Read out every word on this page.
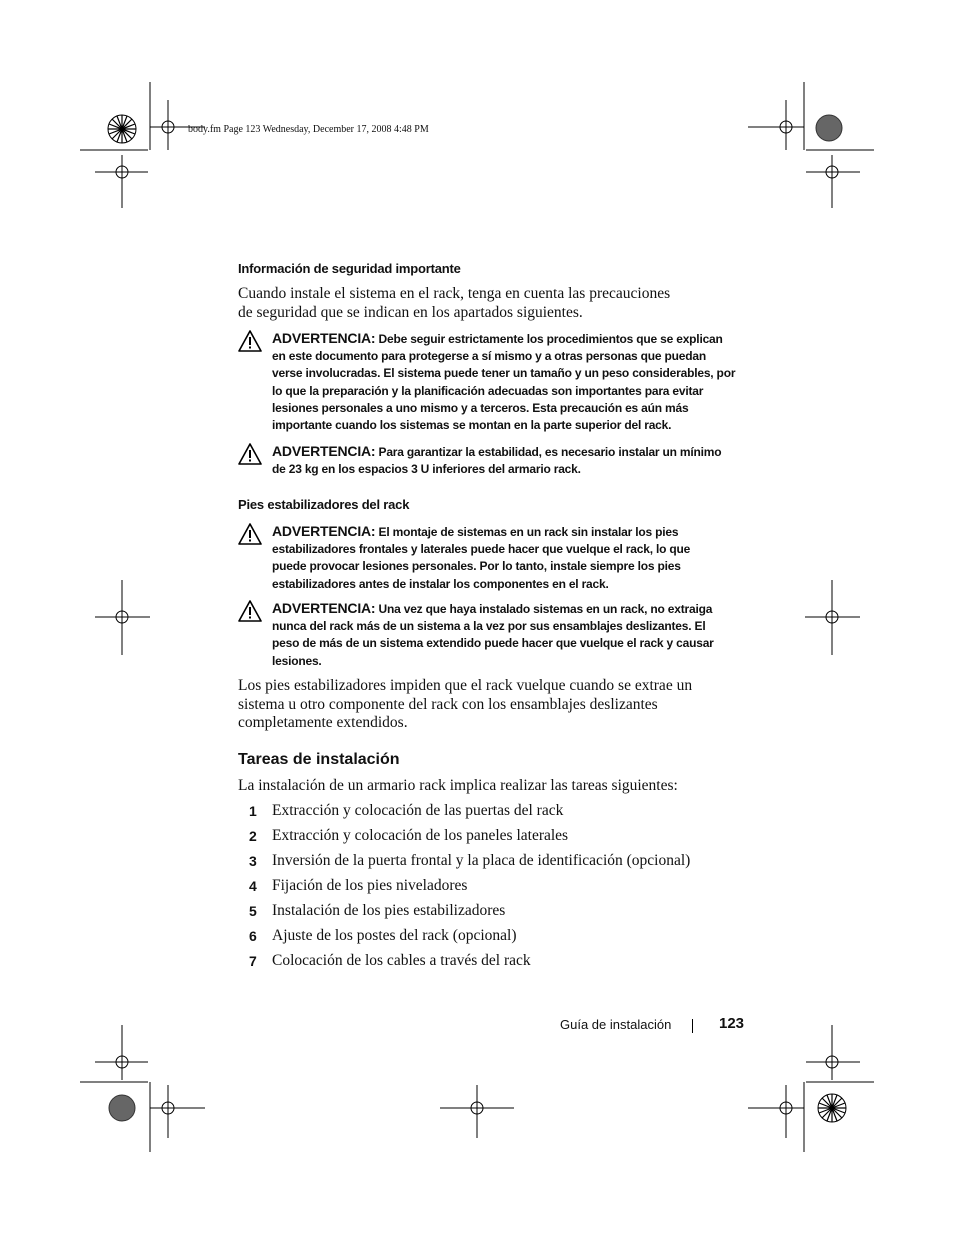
body.fm Page 123 Wednesday, December 17, 2008 4:48 PM
Información de seguridad importante
Cuando instale el sistema en el rack, tenga en cuenta las precauciones de seguridad que se indican en los apartados siguientes.
ADVERTENCIA: Debe seguir estrictamente los procedimientos que se explican en este documento para protegerse a sí mismo y a otras personas que puedan verse involucradas. El sistema puede tener un tamaño y un peso considerables, por lo que la preparación y la planificación adecuadas son importantes para evitar lesiones personales a uno mismo y a terceros. Esta precaución es aún más importante cuando los sistemas se montan en la parte superior del rack.
ADVERTENCIA: Para garantizar la estabilidad, es necesario instalar un mínimo de 23 kg en los espacios 3 U inferiores del armario rack.
Pies estabilizadores del rack
ADVERTENCIA: El montaje de sistemas en un rack sin instalar los pies estabilizadores frontales y laterales puede hacer que vuelque el rack, lo que puede provocar lesiones personales. Por lo tanto, instale siempre los pies estabilizadores antes de instalar los componentes en el rack.
ADVERTENCIA: Una vez que haya instalado sistemas en un rack, no extraiga nunca del rack más de un sistema a la vez por sus ensamblajes deslizantes. El peso de más de un sistema extendido puede hacer que vuelque el rack y causar lesiones.
Los pies estabilizadores impiden que el rack vuelque cuando se extrae un sistema u otro componente del rack con los ensamblajes deslizantes completamente extendidos.
Tareas de instalación
La instalación de un armario rack implica realizar las tareas siguientes:
1 Extracción y colocación de las puertas del rack
2 Extracción y colocación de los paneles laterales
3 Inversión de la puerta frontal y la placa de identificación (opcional)
4 Fijación de los pies niveladores
5 Instalación de los pies estabilizadores
6 Ajuste de los postes del rack (opcional)
7 Colocación de los cables a través del rack
Guía de instalación	123
